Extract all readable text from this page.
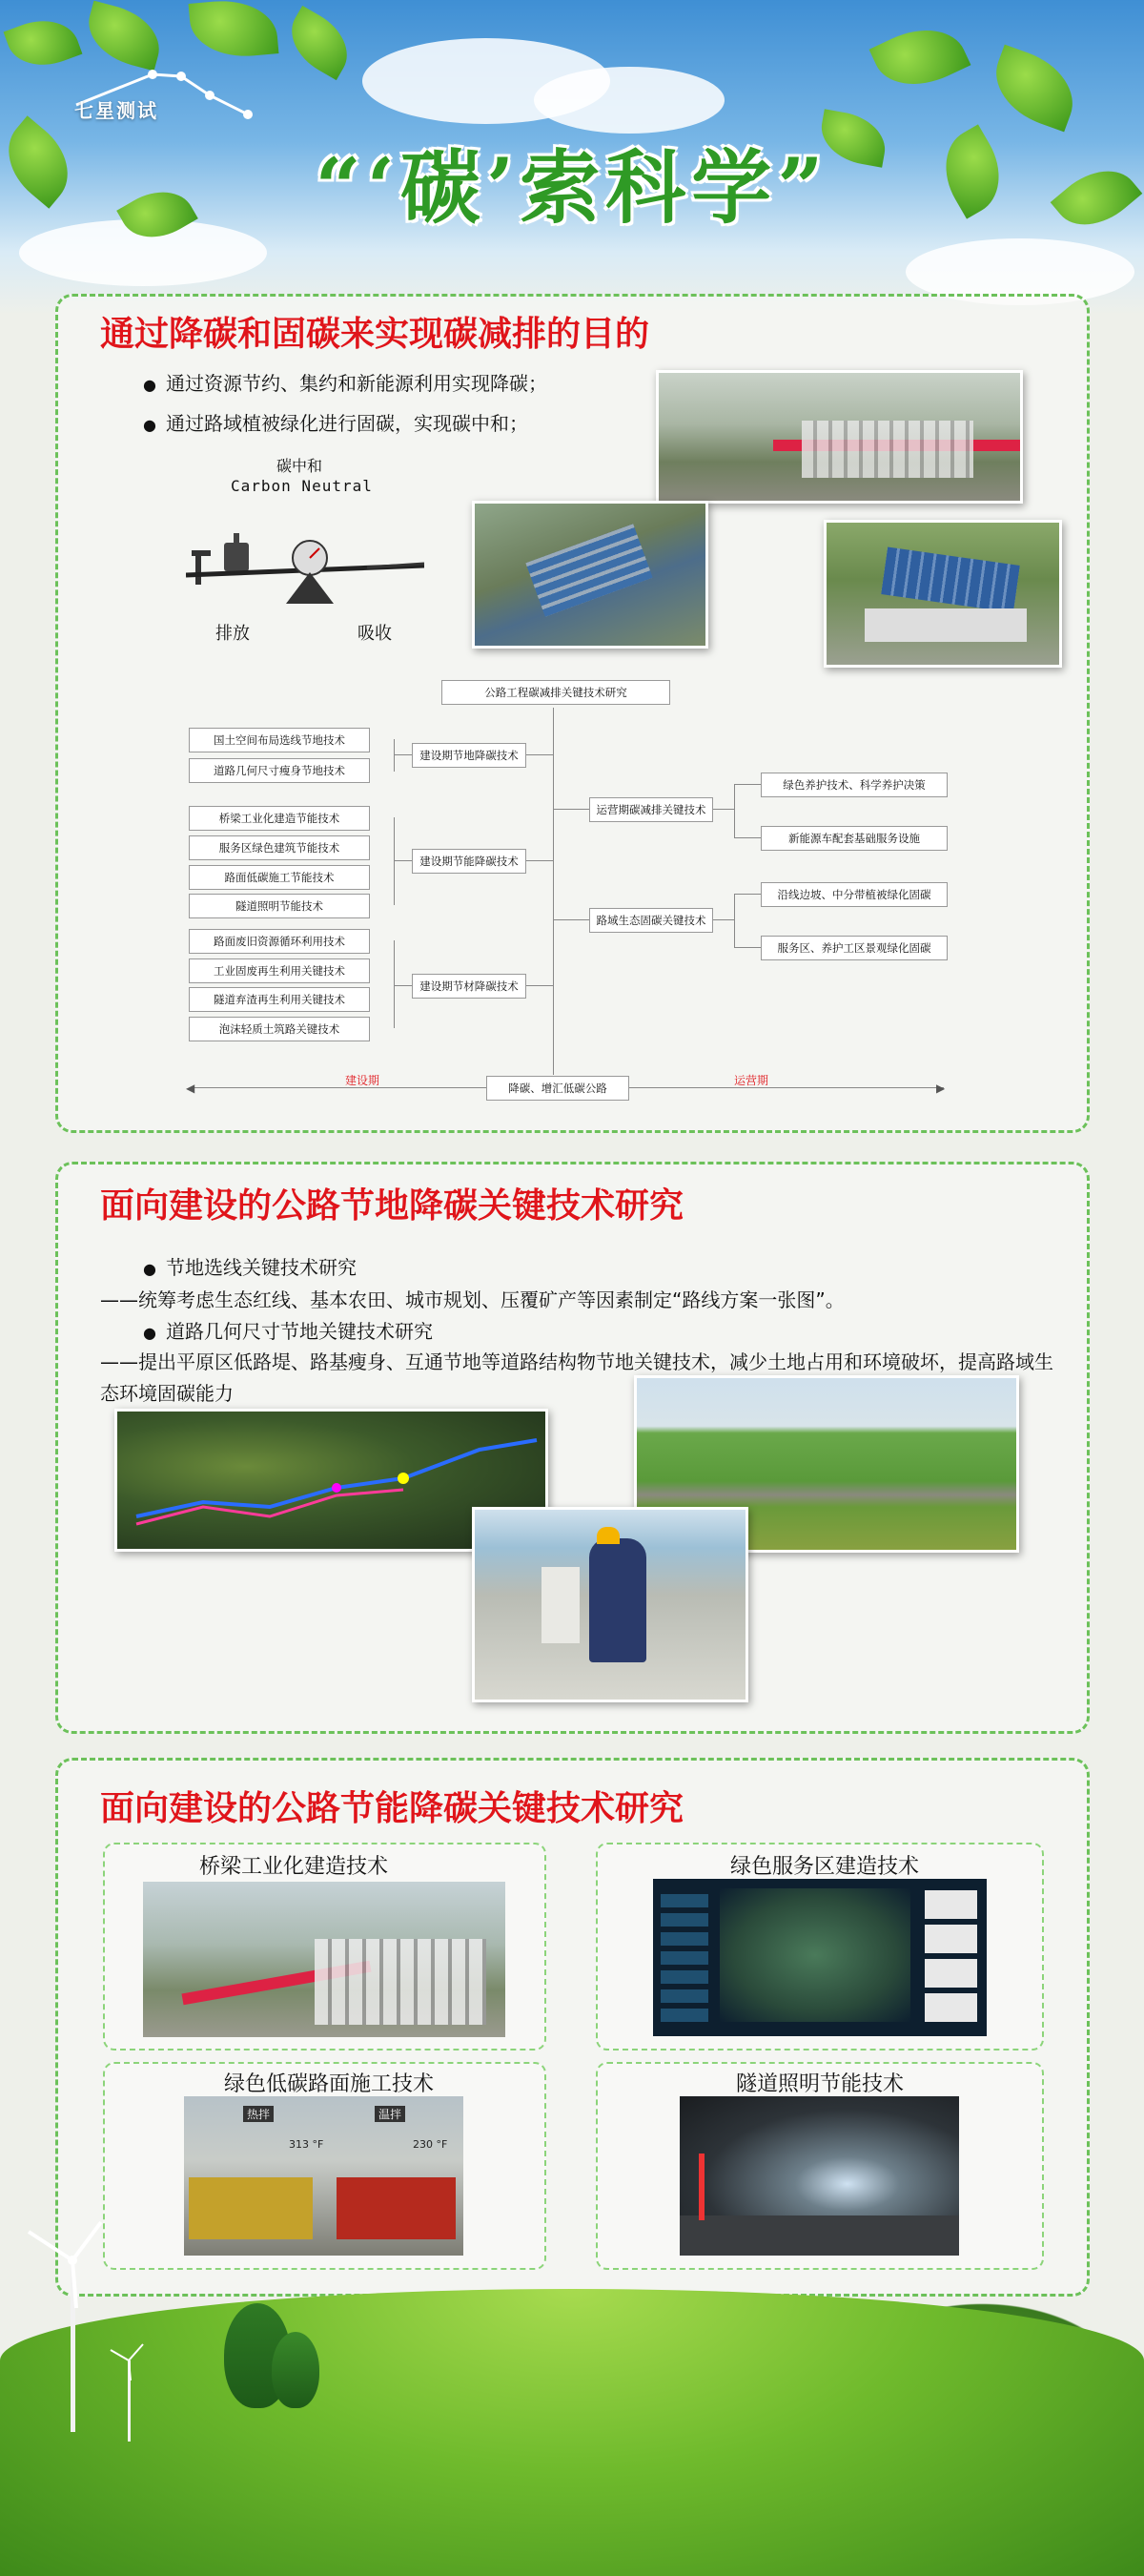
七星测试
“‘碳’索科学”
通过降碳和固碳来实现碳减排的目的
● 通过资源节约、集约和新能源利用实现降碳；
● 通过路域植被绿化进行固碳，实现碳中和；
碳中和
Carbon Neutral
排放	吸收
建设期	运营期
◀	▶
公路工程碳减排关键技术研究
降碳、增汇低碳公路
建设期节地降碳技术
建设期节能降碳技术
建设期节材降碳技术
国土空间布局选线节地技术
道路几何尺寸瘦身节地技术
桥梁工业化建造节能技术
服务区绿色建筑节能技术
路面低碳施工节能技术
隧道照明节能技术
路面废旧资源循环利用技术
工业固废再生利用关键技术
隧道弃渣再生利用关键技术
泡沫轻质土筑路关键技术
运营期碳减排关键技术
路域生态固碳关键技术
绿色养护技术、科学养护决策
新能源车配套基础服务设施
沿线边坡、中分带植被绿化固碳
服务区、养护工区景观绿化固碳
面向建设的公路节地降碳关键技术研究
● 节地选线关键技术研究
——统筹考虑生态红线、基本农田、城市规划、压覆矿产等因素制定“路线方案一张图”。
● 道路几何尺寸节地关键技术研究
——提出平原区低路堤、路基瘦身、互通节地等道路结构物节地关键技术，减少土地占用和环境破坏，提高路域生态环境固碳能力
面向建设的公路节能降碳关键技术研究
桥梁工业化建造技术	绿色服务区建造技术
绿色低碳路面施工技术
热拌	温拌
313 °F	230 °F
隧道照明节能技术
